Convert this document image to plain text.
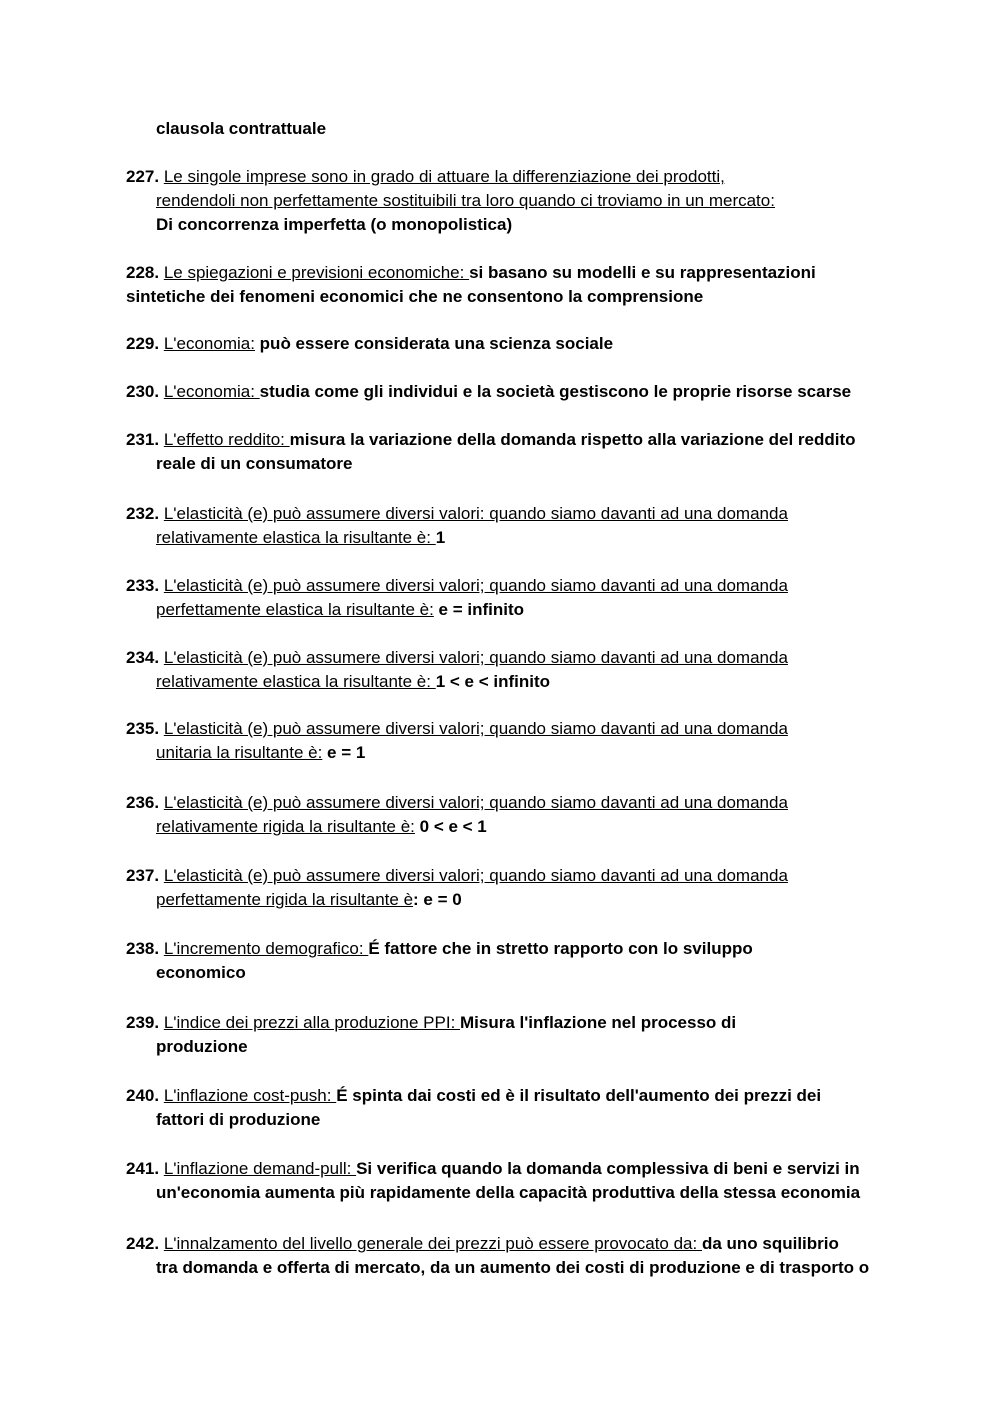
clausola contrattuale
227. Le singole imprese sono in grado di attuare la differenziazione dei prodotti,
rendendoli non perfettamente sostituibili tra loro quando ci troviamo in un mercato:
Di concorrenza imperfetta (o monopolistica)
228. Le spiegazioni e previsioni economiche: si basano su modelli e su rappresentazioni
sintetiche dei fenomeni economici che ne consentono la comprensione
229. L'economia: può essere considerata una scienza sociale
230. L'economia: studia come gli individui e la società gestiscono le proprie risorse scarse
231. L'effetto reddito: misura la variazione della domanda rispetto alla variazione del reddito
reale di un consumatore
232. L'elasticità (e) può assumere diversi valori: quando siamo davanti ad una domanda
relativamente elastica la risultante è: 1
233. L'elasticità (e) può assumere diversi valori; quando siamo davanti ad una domanda
perfettamente elastica la risultante è: e = infinito
234. L'elasticità (e) può assumere diversi valori; quando siamo davanti ad una domanda
relativamente elastica la risultante è: 1 < e < infinito
235. L'elasticità (e) può assumere diversi valori; quando siamo davanti ad una domanda
unitaria la risultante è: e = 1
236. L'elasticità (e) può assumere diversi valori; quando siamo davanti ad una domanda
relativamente rigida la risultante è: 0 < e < 1
237. L'elasticità (e) può assumere diversi valori; quando siamo davanti ad una domanda
perfettamente rigida la risultante è: e = 0
238. L'incremento demografico: É fattore che in stretto rapporto con lo sviluppo
economico
239. L'indice dei prezzi alla produzione PPI: Misura l'inflazione nel processo di
produzione
240. L'inflazione cost-push: É spinta dai costi ed è il risultato dell'aumento dei prezzi dei
fattori di produzione
241. L'inflazione demand-pull: Si verifica quando la domanda complessiva di beni e servizi in
un'economia aumenta più rapidamente della capacità produttiva della stessa economia
242. L'innalzamento del livello generale dei prezzi può essere provocato da: da uno squilibrio
tra domanda e offerta di mercato, da un aumento dei costi di produzione e di trasporto o
